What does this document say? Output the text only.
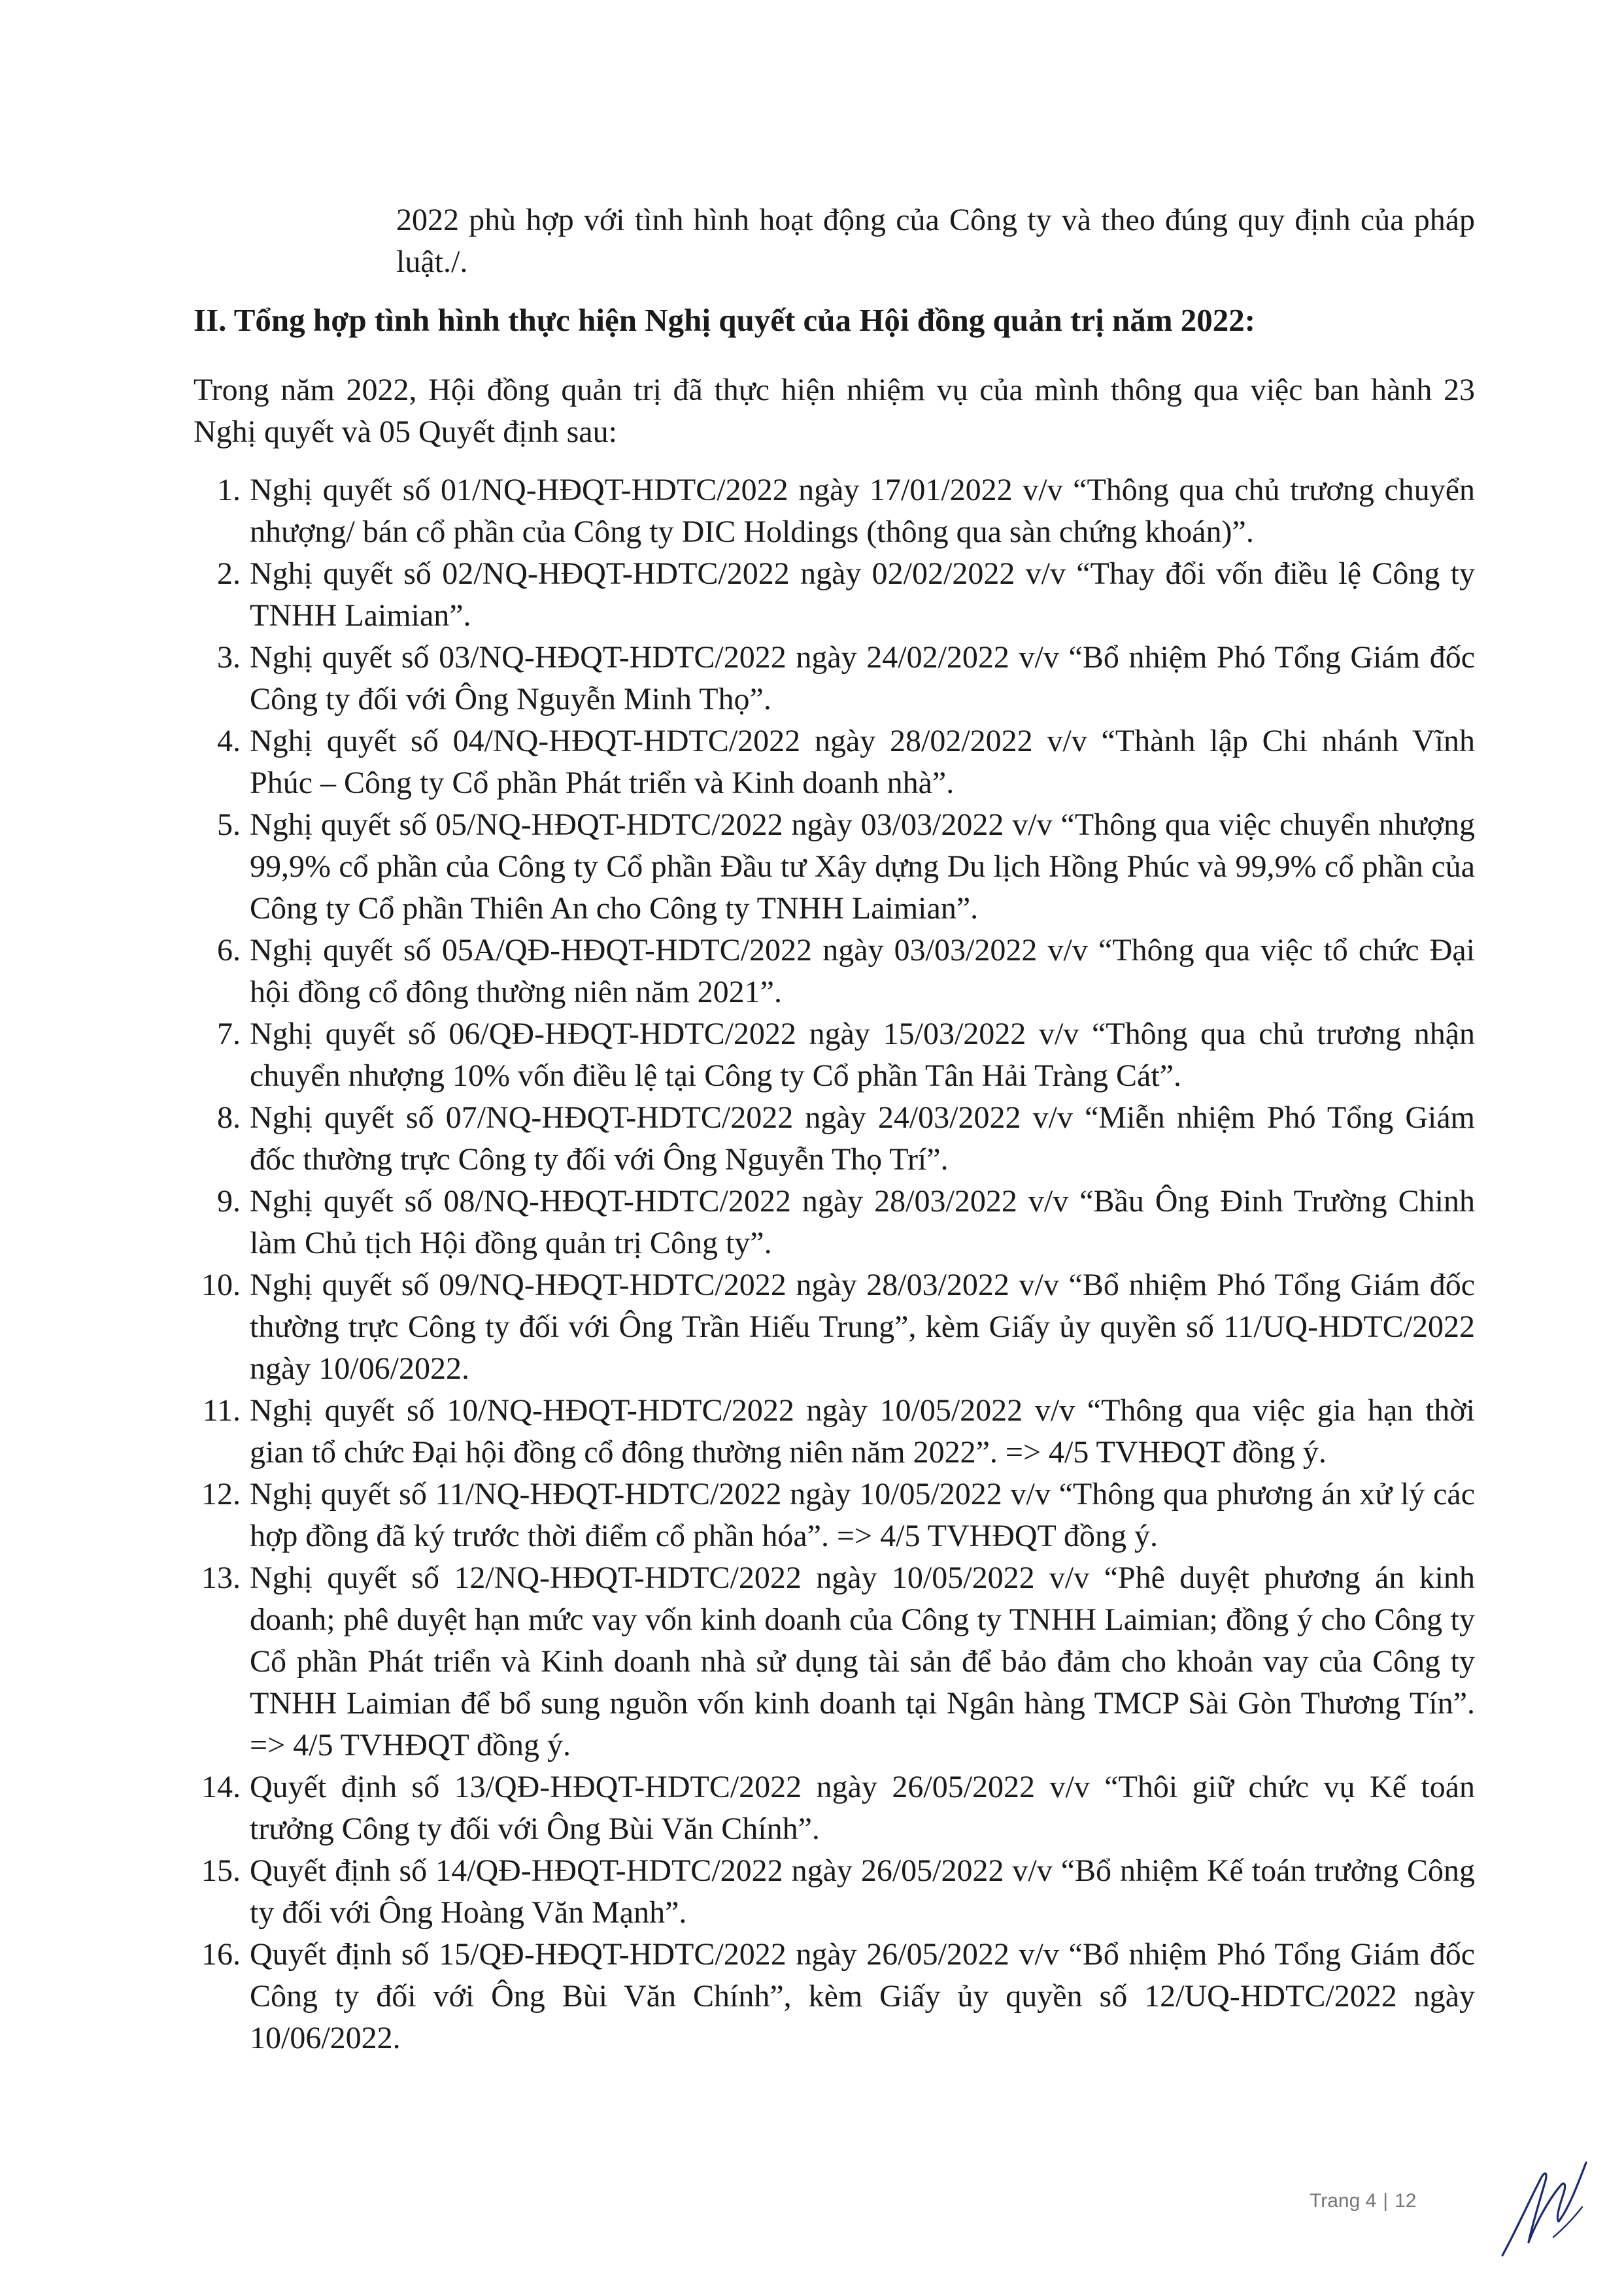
2022 phù hợp với tình hình hoạt động của Công ty và theo đúng quy định của pháp luật./.
II. Tổng hợp tình hình thực hiện Nghị quyết của Hội đồng quản trị năm 2022:
Trong năm 2022, Hội đồng quản trị đã thực hiện nhiệm vụ của mình thông qua việc ban hành 23 Nghị quyết và 05 Quyết định sau:
1. Nghị quyết số 01/NQ-HĐQT-HDTC/2022 ngày 17/01/2022 v/v “Thông qua chủ trương chuyển nhượng/ bán cổ phần của Công ty DIC Holdings (thông qua sàn chứng khoán)”.
2. Nghị quyết số 02/NQ-HĐQT-HDTC/2022 ngày 02/02/2022 v/v “Thay đổi vốn điều lệ Công ty TNHH Laimian”.
3. Nghị quyết số 03/NQ-HĐQT-HDTC/2022 ngày 24/02/2022 v/v “Bổ nhiệm Phó Tổng Giám đốc Công ty đối với Ông Nguyễn Minh Thọ”.
4. Nghị quyết số 04/NQ-HĐQT-HDTC/2022 ngày 28/02/2022 v/v “Thành lập Chi nhánh Vĩnh Phúc – Công ty Cổ phần Phát triển và Kinh doanh nhà”.
5. Nghị quyết số 05/NQ-HĐQT-HDTC/2022 ngày 03/03/2022 v/v “Thông qua việc chuyển nhượng 99,9% cổ phần của Công ty Cổ phần Đầu tư Xây dựng Du lịch Hồng Phúc và 99,9% cổ phần của Công ty Cổ phần Thiên An cho Công ty TNHH Laimian”.
6. Nghị quyết số 05A/QĐ-HĐQT-HDTC/2022 ngày 03/03/2022 v/v “Thông qua việc tổ chức Đại hội đồng cổ đông thường niên năm 2021”.
7. Nghị quyết số 06/QĐ-HĐQT-HDTC/2022 ngày 15/03/2022 v/v “Thông qua chủ trương nhận chuyển nhượng 10% vốn điều lệ tại Công ty Cổ phần Tân Hải Tràng Cát”.
8. Nghị quyết số 07/NQ-HĐQT-HDTC/2022 ngày 24/03/2022 v/v “Miễn nhiệm Phó Tổng Giám đốc thường trực Công ty đối với Ông Nguyễn Thọ Trí”.
9. Nghị quyết số 08/NQ-HĐQT-HDTC/2022 ngày 28/03/2022 v/v “Bầu Ông Đinh Trường Chinh làm Chủ tịch Hội đồng quản trị Công ty”.
10. Nghị quyết số 09/NQ-HĐQT-HDTC/2022 ngày 28/03/2022 v/v “Bổ nhiệm Phó Tổng Giám đốc thường trực Công ty đối với Ông Trần Hiếu Trung”, kèm Giấy ủy quyền số 11/UQ-HDTC/2022 ngày 10/06/2022.
11. Nghị quyết số 10/NQ-HĐQT-HDTC/2022 ngày 10/05/2022 v/v “Thông qua việc gia hạn thời gian tổ chức Đại hội đồng cổ đông thường niên năm 2022”. => 4/5 TVHĐQT đồng ý.
12. Nghị quyết số 11/NQ-HĐQT-HDTC/2022 ngày 10/05/2022 v/v “Thông qua phương án xử lý các hợp đồng đã ký trước thời điểm cổ phần hóa”. => 4/5 TVHĐQT đồng ý.
13. Nghị quyết số 12/NQ-HĐQT-HDTC/2022 ngày 10/05/2022 v/v “Phê duyệt phương án kinh doanh; phê duyệt hạn mức vay vốn kinh doanh của Công ty TNHH Laimian; đồng ý cho Công ty Cổ phần Phát triển và Kinh doanh nhà sử dụng tài sản để bảo đảm cho khoản vay của Công ty TNHH Laimian để bổ sung nguồn vốn kinh doanh tại Ngân hàng TMCP Sài Gòn Thương Tín”. => 4/5 TVHĐQT đồng ý.
14. Quyết định số 13/QĐ-HĐQT-HDTC/2022 ngày 26/05/2022 v/v “Thôi giữ chức vụ Kế toán trưởng Công ty đối với Ông Bùi Văn Chính”.
15. Quyết định số 14/QĐ-HĐQT-HDTC/2022 ngày 26/05/2022 v/v “Bổ nhiệm Kế toán trưởng Công ty đối với Ông Hoàng Văn Mạnh”.
16. Quyết định số 15/QĐ-HĐQT-HDTC/2022 ngày 26/05/2022 v/v “Bổ nhiệm Phó Tổng Giám đốc Công ty đối với Ông Bùi Văn Chính”, kèm Giấy ủy quyền số 12/UQ-HDTC/2022 ngày 10/06/2022.
Trang 4 | 12
